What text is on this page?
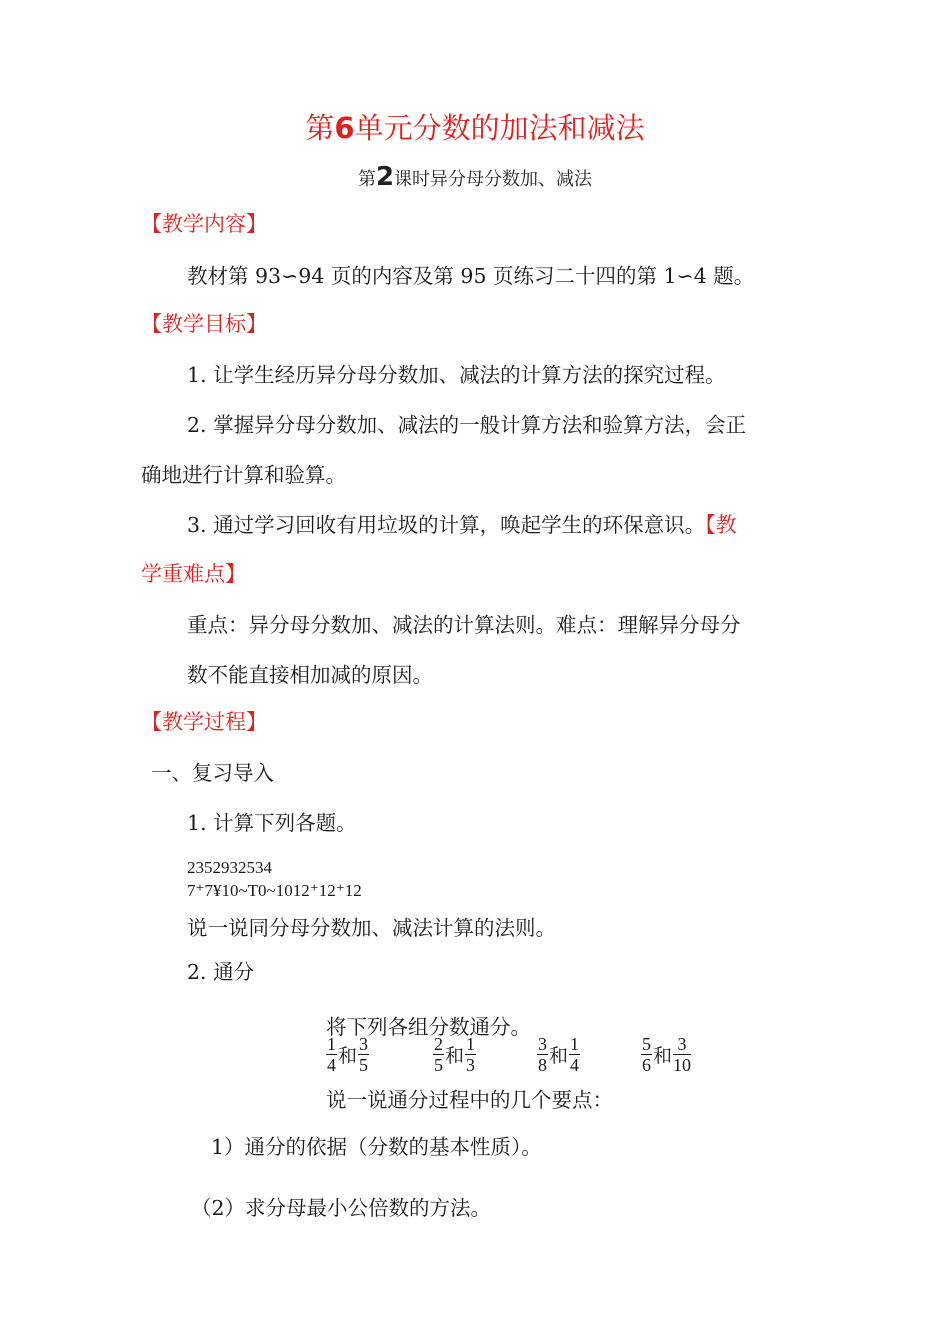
第6单元分数的加法和减法
第2课时异分母分数加、减法
【教学内容】
教材第 93∽94 页的内容及第 95 页练习二十四的第 1∽4 题。
【教学目标】
1. 让学生经历异分母分数加、减法的计算方法的探究过程。
2. 掌握异分母分数加、减法的一般计算方法和验算方法，会正
确地进行计算和验算。
3. 通过学习回收有用垃圾的计算，唤起学生的环保意识。【教
学重难点】
重点：异分母分数加、减法的计算法则。难点：理解异分母分
数不能直接相加减的原因。
【教学过程】
一、复习导入
1. 计算下列各题。
2352932534
7⁺7¥10~T0~1012⁺12⁺12
说一说同分母分数加、减法计算的法则。
2. 通分
将下列各组分数通分。
$\frac{1}{4}$ 和 $\frac{3}{5}$	$\frac{2}{5}$ 和 $\frac{1}{3}$	$\frac{3}{8}$ 和 $\frac{1}{4}$	$\frac{5}{6}$ 和 $\frac{3}{10}$
说一说通分过程中的几个要点：
1）通分的依据（分数的基本性质）。
（2）求分母最小公倍数的方法。
